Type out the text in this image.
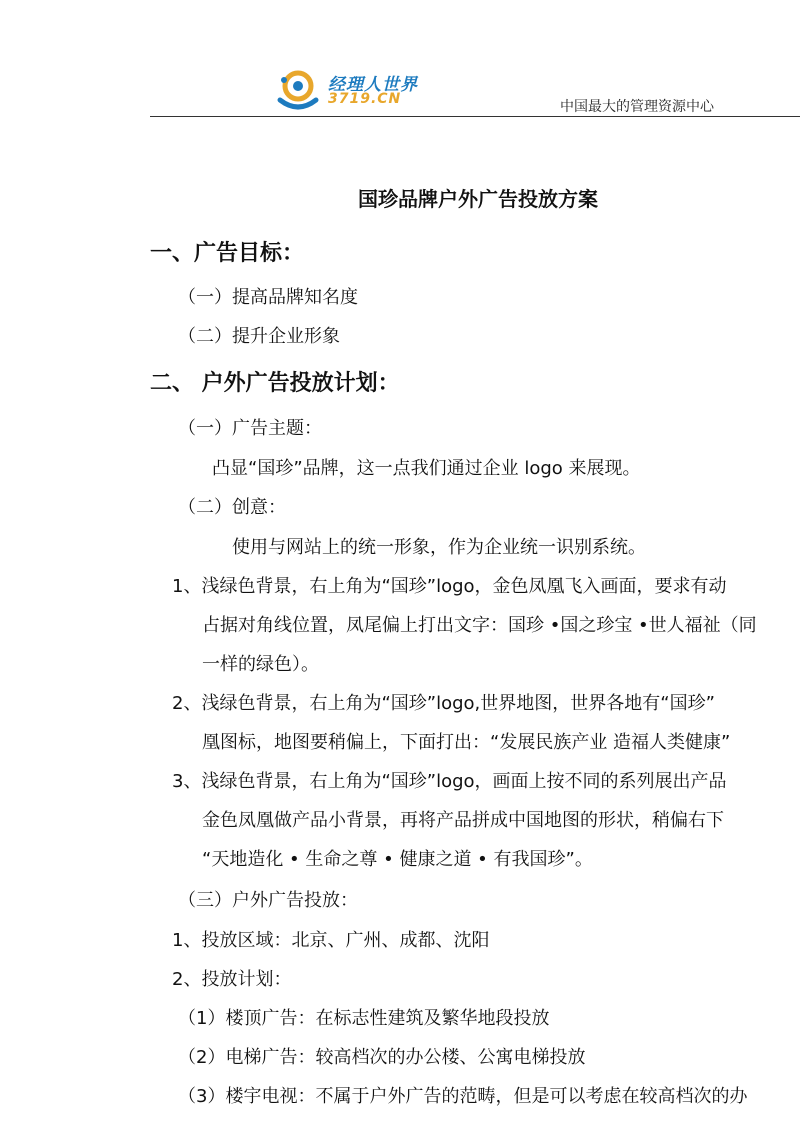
经理人世界
3719.CN	中国最大的管理资源中心
国珍品牌户外广告投放方案
一、广告目标：
（一）提高品牌知名度
（二）提升企业形象
二、 户外广告投放计划：
（一）广告主题：
凸显“国珍”品牌，这一点我们通过企业 logo 来展现。
（二）创意：
使用与网站上的统一形象，作为企业统一识别系统。
1、浅绿色背景，右上角为“国珍”logo，金色凤凰飞入画面，要求有动
占据对角线位置，凤尾偏上打出文字：国珍 •国之珍宝 •世人福祉（同
一样的绿色）。
2、浅绿色背景，右上角为“国珍”logo,世界地图，世界各地有“国珍”
凰图标，地图要稍偏上，下面打出：“发展民族产业 造福人类健康”
3、浅绿色背景，右上角为“国珍”logo，画面上按不同的系列展出产品
金色凤凰做产品小背景，再将产品拼成中国地图的形状，稍偏右下
“天地造化 • 生命之尊 • 健康之道 • 有我国珍”。
（三）户外广告投放：
1、投放区域：北京、广州、成都、沈阳
2、投放计划：
（1）楼顶广告：在标志性建筑及繁华地段投放
（2）电梯广告：较高档次的办公楼、公寓电梯投放
（3）楼宇电视：不属于户外广告的范畴，但是可以考虑在较高档次的办
